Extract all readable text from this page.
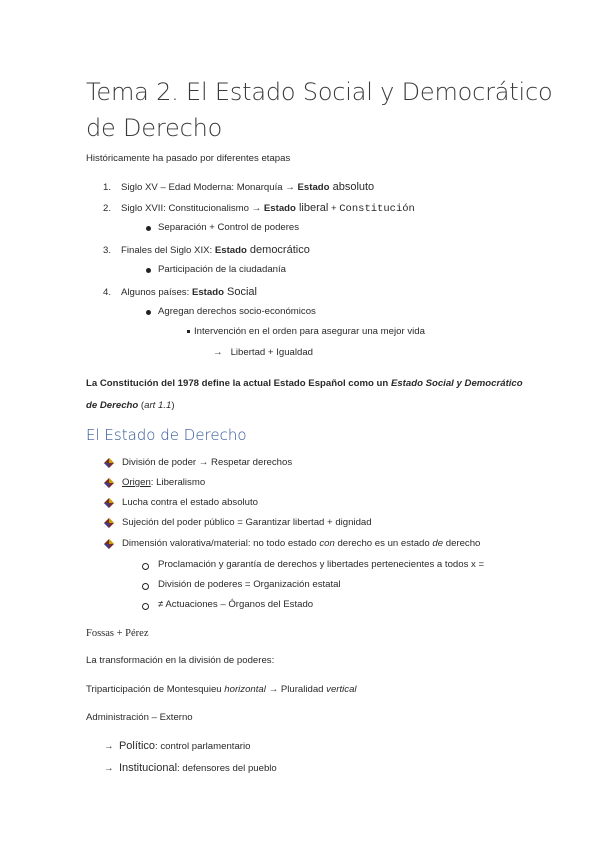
Tema 2. El Estado Social y Democrático de Derecho
Históricamente ha pasado por diferentes etapas
1. Siglo XV – Edad Moderna: Monarquía → Estado absoluto
2. Siglo XVII: Constitucionalismo → Estado liberal + Constitución
Separación + Control de poderes
3. Finales del Siglo XIX: Estado democrático
Participación de la ciudadanía
4. Algunos países: Estado Social
Agregan derechos socio-económicos
Intervención en el orden para asegurar una mejor vida
→ Libertad + Igualdad
La Constitución del 1978 define la actual Estado Español como un Estado Social y Democrático de Derecho (art 1.1)
El Estado de Derecho
División de poder → Respetar derechos
Origen: Liberalismo
Lucha contra el estado absoluto
Sujeción del poder público = Garantizar libertad + dignidad
Dimensión valorativa/material: no todo estado con derecho es un estado de derecho
Proclamación y garantía de derechos y libertades pertenecientes a todos x =
División de poderes = Organización estatal
≠ Actuaciones – Órganos del Estado
Fossas + Pérez
La transformación en la división de poderes:
Triparticipación de Montesquieu horizontal → Pluralidad vertical
Administración – Externo
→ Político: control parlamentario
→ Institucional: defensores del pueblo
